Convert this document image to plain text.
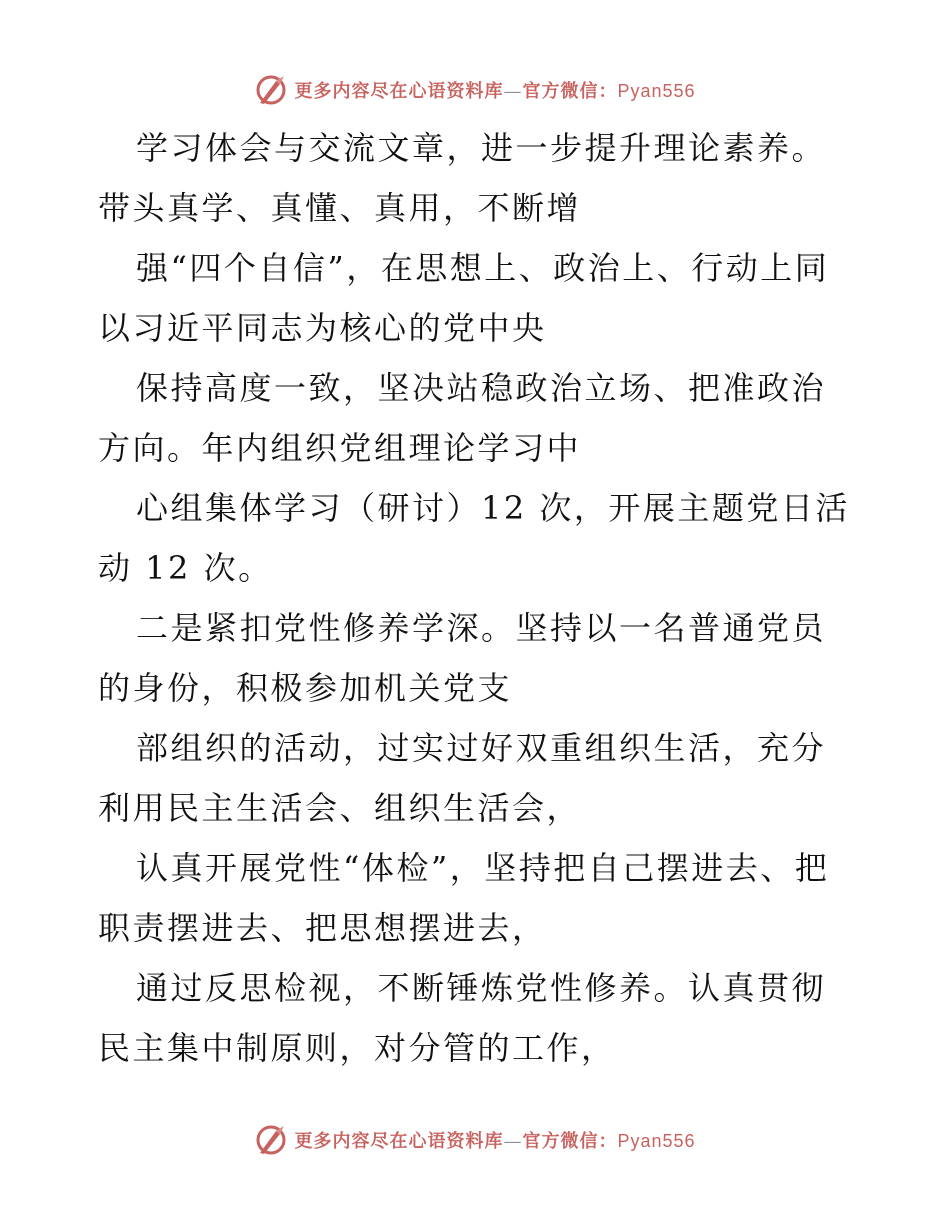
更多内容尽在心语资料库—官方微信：Pyan556

学习体会与交流文章，进一步提升理论素养。带头真学、真懂、真用，不断增

强“四个自信”，在思想上、政治上、行动上同以习近平同志为核心的党中央

保持高度一致，坚决站稳政治立场、把准政治方向。年内组织党组理论学习中

心组集体学习（研讨）12 次，开展主题党日活动 12 次。

二是紧扣党性修养学深。坚持以一名普通党员的身份，积极参加机关党支

部组织的活动，过实过好双重组织生活，充分利用民主生活会、组织生活会，

认真开展党性“体检”，坚持把自己摆进去、把职责摆进去、把思想摆进去，

通过反思检视，不断锤炼党性修养。认真贯彻民主集中制原则，对分管的工作，

更多内容尽在心语资料库—官方微信：Pyan556
